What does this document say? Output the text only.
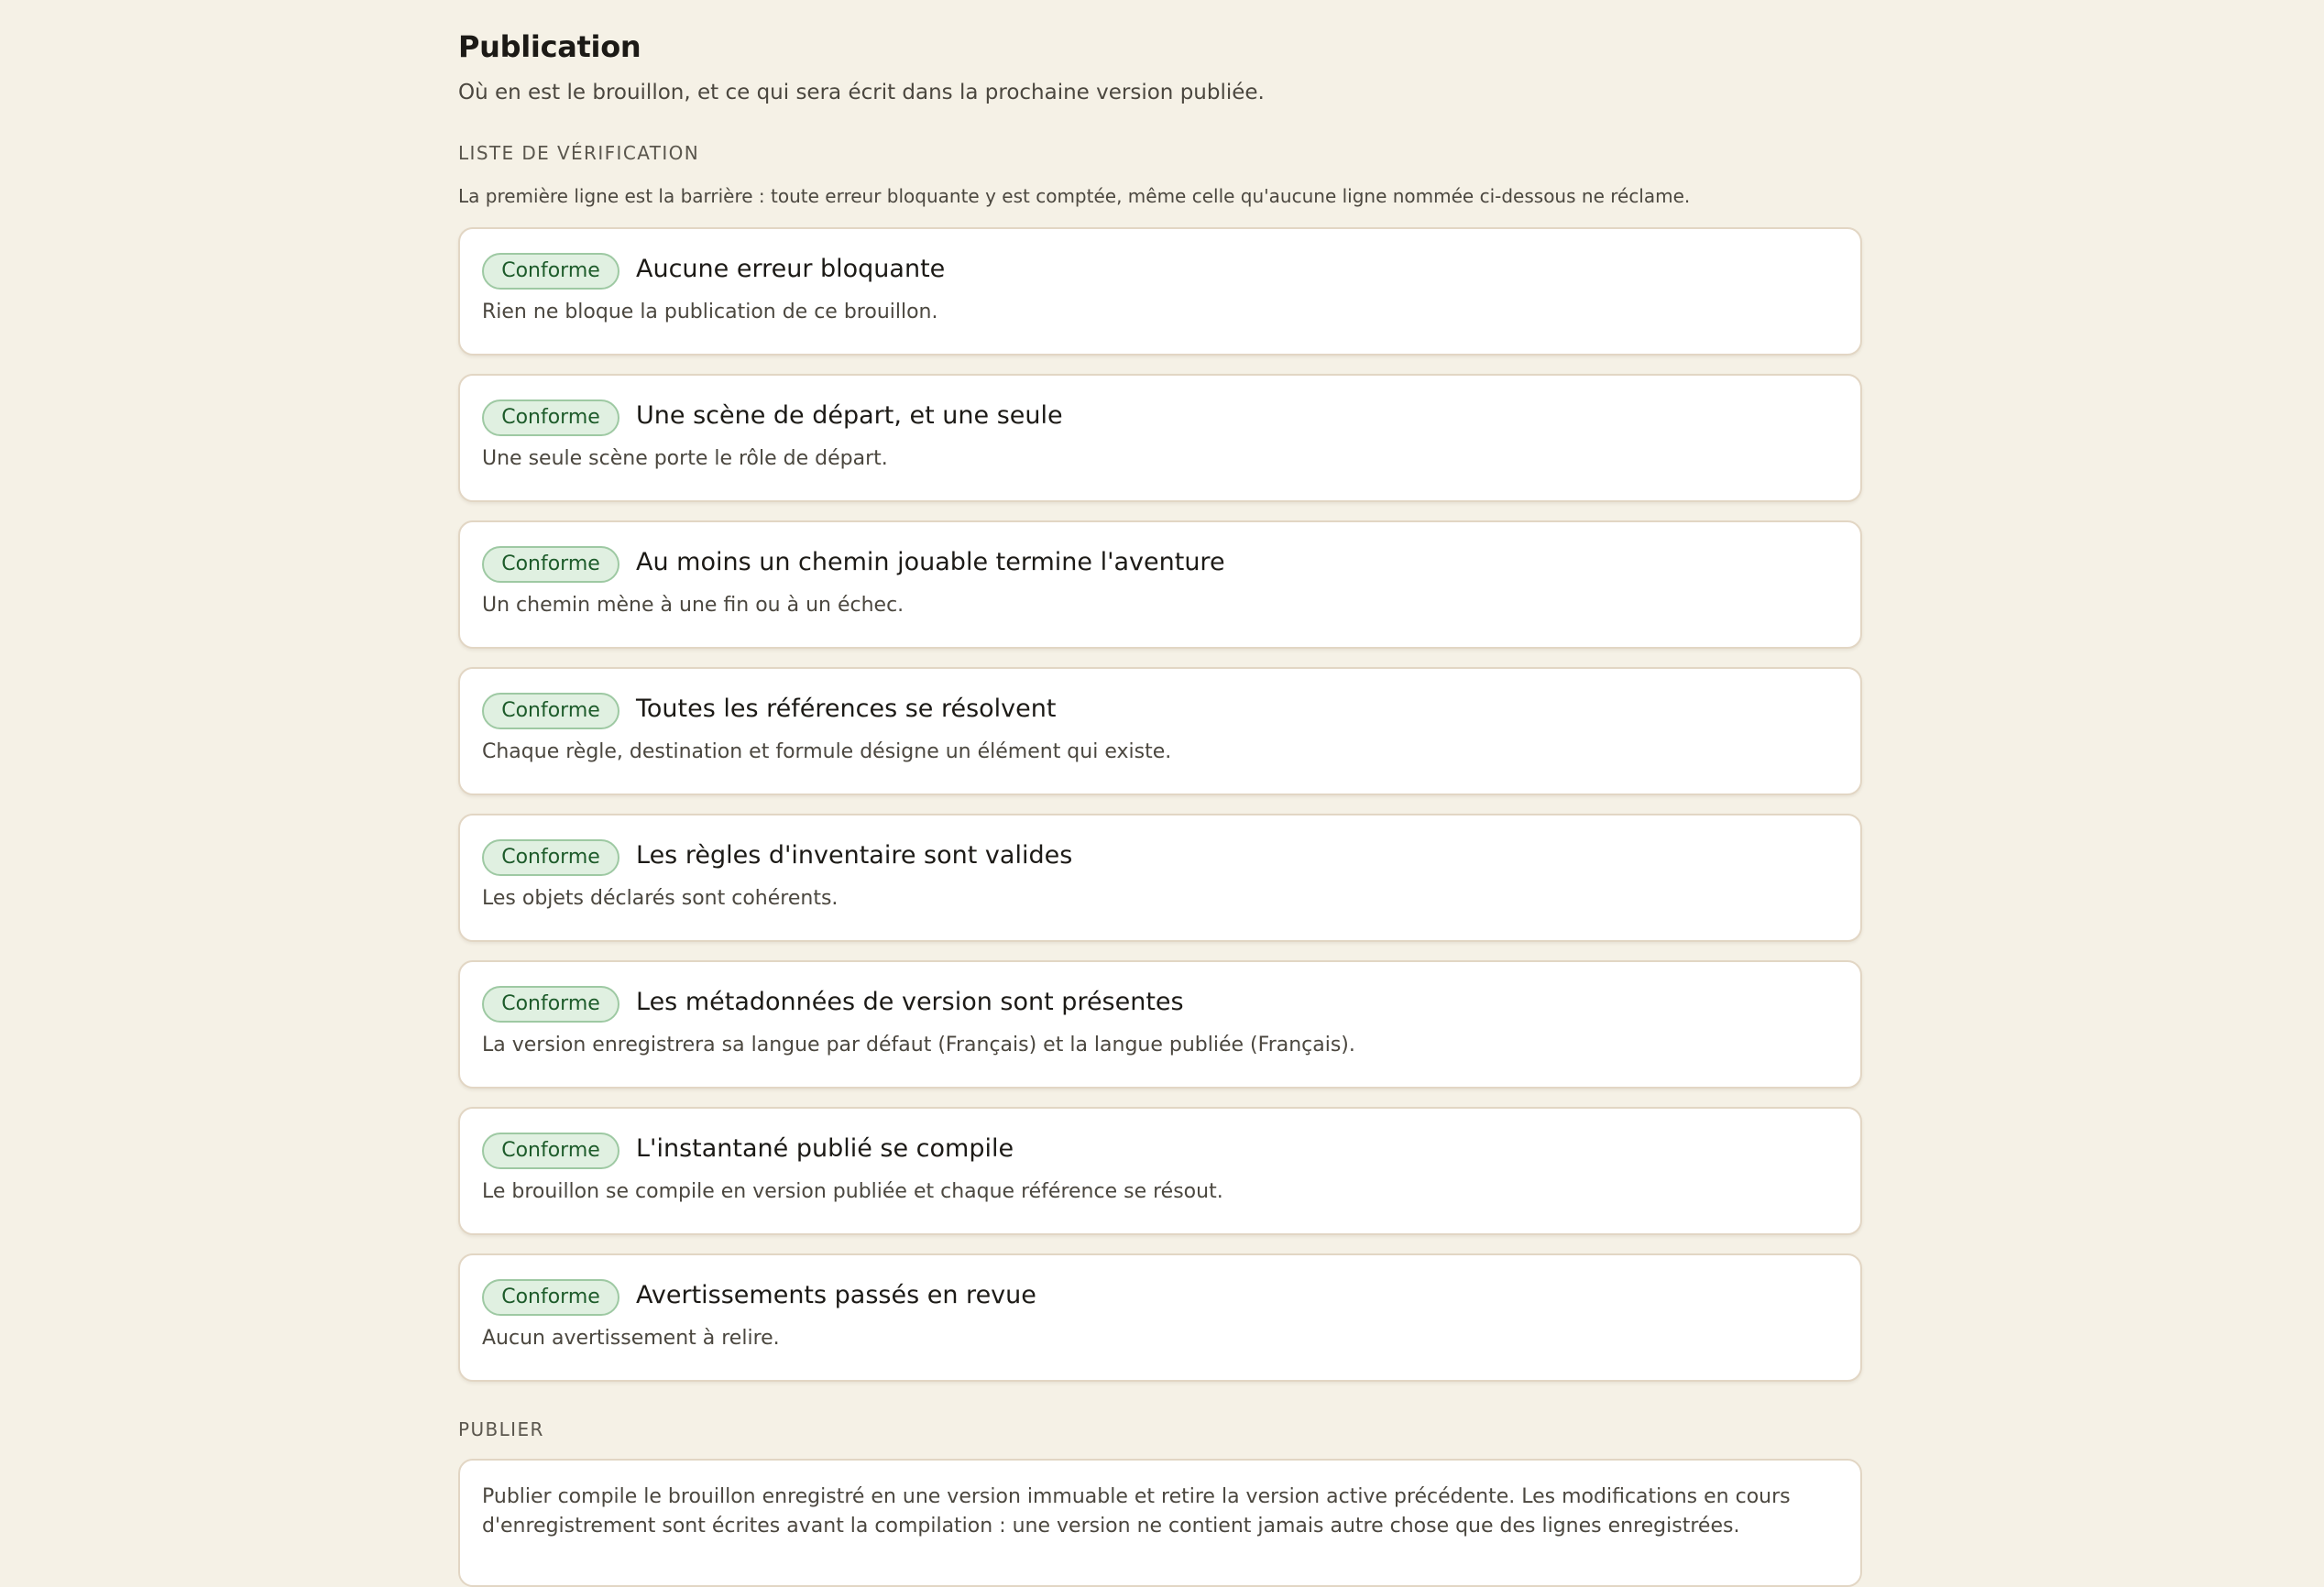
Publication

Où en est le brouillon, et ce qui sera écrit dans la prochaine version publiée.

LISTE DE VÉRIFICATION

La première ligne est la barrière : toute erreur bloquante y est comptée, même celle qu'aucune ligne nommée ci-dessous ne réclame.

Conforme	Aucune erreur bloquante
Rien ne bloque la publication de ce brouillon.
Conforme	Une scène de départ, et une seule
Une seule scène porte le rôle de départ.
Conforme	Au moins un chemin jouable termine l'aventure
Un chemin mène à une fin ou à un échec.
Conforme	Toutes les références se résolvent
Chaque règle, destination et formule désigne un élément qui existe.
Conforme	Les règles d'inventaire sont valides
Les objets déclarés sont cohérents.
Conforme	Les métadonnées de version sont présentes
La version enregistrera sa langue par défaut (Français) et la langue publiée (Français).
Conforme	L'instantané publié se compile
Le brouillon se compile en version publiée et chaque référence se résout.
Conforme	Avertissements passés en revue
Aucun avertissement à relire.
PUBLIER

Publier compile le brouillon enregistré en une version immuable et retire la version active précédente. Les modifications en cours d'enregistrement sont écrites avant la compilation : une version ne contient jamais autre chose que des lignes enregistrées.
